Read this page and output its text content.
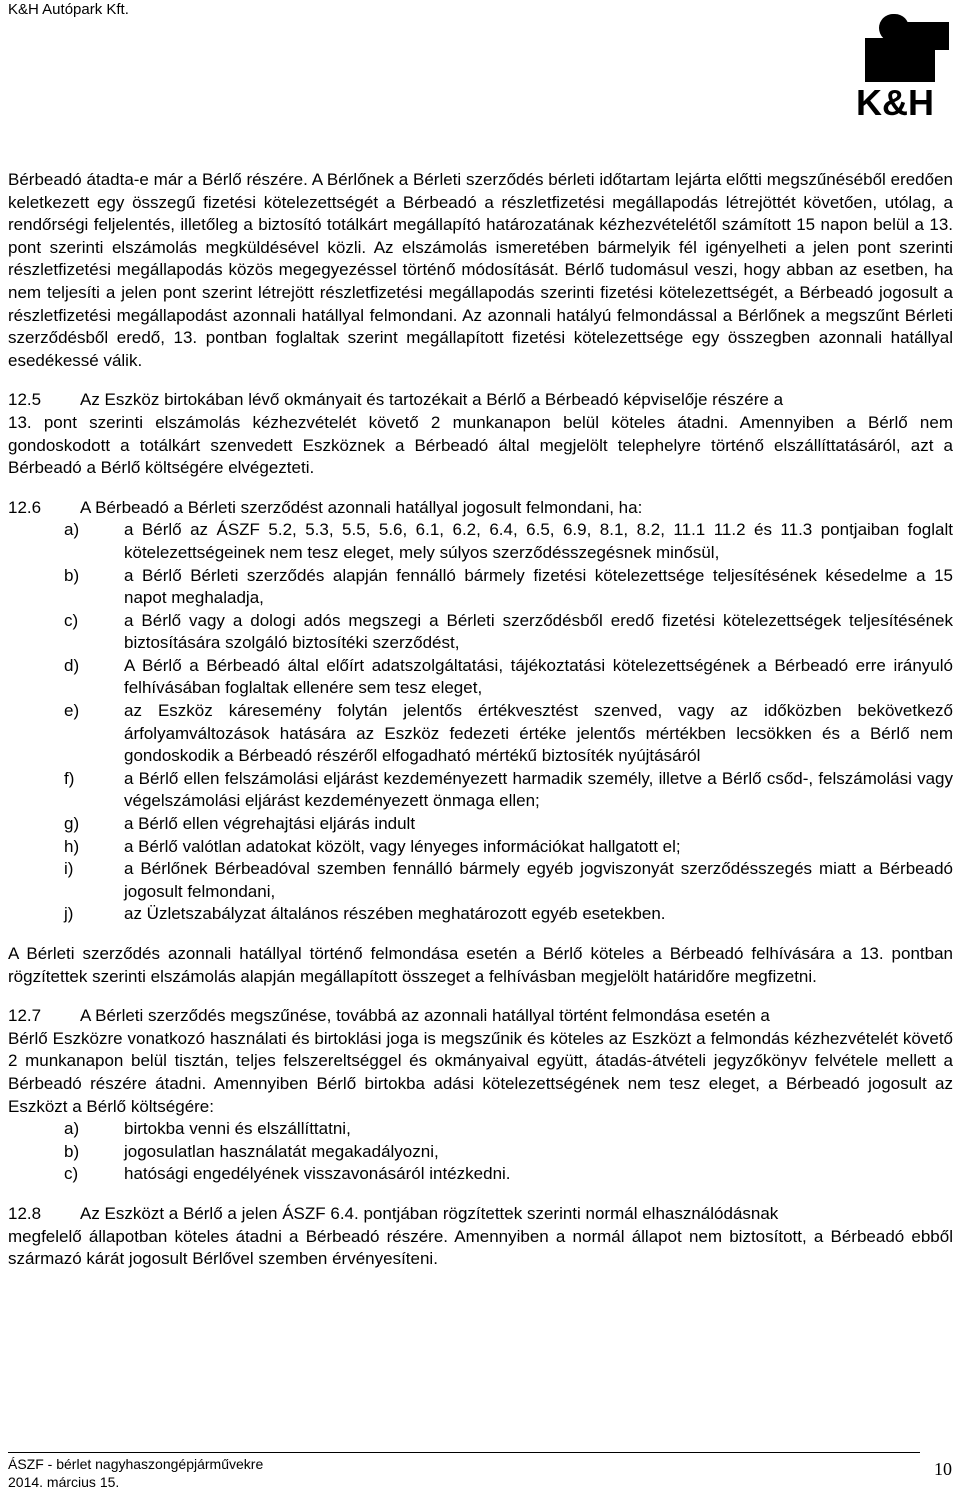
K&H Autópark Kft.
K&H
Bérbeadó átadta-e már a Bérlő részére. A Bérlőnek a Bérleti szerződés bérleti időtartam lejárta előtti megszűnéséből eredően keletkezett egy összegű fizetési kötelezettségét a Bérbeadó a részletfizetési megállapodás létrejöttét követően, utólag, a rendőrségi feljelentés, illetőleg a biztosító totálkárt megállapító határozatának kézhezvételétől számított 15 napon belül a 13. pont szerinti elszámolás megküldésével közli. Az elszámolás ismeretében bármelyik fél igényelheti a jelen pont szerinti részletfizetési megállapodás közös megegyezéssel történő módosítását. Bérlő tudomásul veszi, hogy abban az esetben, ha nem teljesíti a jelen pont szerint létrejött részletfizetési megállapodás szerinti fizetési kötelezettségét, a Bérbeadó jogosult a részletfizetési megállapodást azonnali hatállyal felmondani. Az azonnali hatályú felmondással a Bérlőnek a megszűnt Bérleti szerződésből eredő, 13. pontban foglaltak szerint megállapított fizetési kötelezettsége egy összegben azonnali hatállyal esedékessé válik.
12.5	Az Eszköz birtokában lévő okmányait és tartozékait a Bérlő a Bérbeadó képviselője részére a
13. pont szerinti elszámolás kézhezvételét követő 2 munkanapon belül köteles átadni. Amennyiben a Bérlő nem gondoskodott a totálkárt szenvedett Eszköznek a Bérbeadó által megjelölt telephelyre történő elszállíttatásáról, azt a Bérbeadó a Bérlő költségére elvégezteti.
12.6	A Bérbeadó a Bérleti szerződést azonnali hatállyal jogosult felmondani, ha:
a)	a Bérlő az ÁSZF 5.2, 5.3, 5.5, 5.6, 6.1, 6.2, 6.4, 6.5, 6.9, 8.1, 8.2, 11.1 11.2 és 11.3 pontjaiban foglalt kötelezettségeinek nem tesz eleget, mely súlyos szerződésszegésnek minősül,
b)	a Bérlő Bérleti szerződés alapján fennálló bármely fizetési kötelezettsége teljesítésének késedelme a 15 napot meghaladja,
c)	a Bérlő vagy a dologi adós megszegi a Bérleti szerződésből eredő fizetési kötelezettségek teljesítésének biztosítására szolgáló biztosítéki szerződést,
d)	A Bérlő a Bérbeadó által előírt adatszolgáltatási, tájékoztatási kötelezettségének a Bérbeadó erre irányuló felhívásában foglaltak ellenére sem tesz eleget,
e)	az Eszköz káresemény folytán jelentős értékvesztést szenved, vagy az időközben bekövetkező árfolyamváltozások hatására az Eszköz fedezeti értéke jelentős mértékben lecsökken és a Bérlő nem gondoskodik a Bérbeadó részéről elfogadható mértékű biztosíték nyújtásáról
f)	a Bérlő ellen felszámolási eljárást kezdeményezett harmadik személy, illetve a Bérlő csőd-, felszámolási vagy végelszámolási eljárást kezdeményezett önmaga ellen;
g)	a Bérlő ellen végrehajtási eljárás indult
h)	a Bérlő valótlan adatokat közölt, vagy lényeges információkat hallgatott el;
i)	a Bérlőnek Bérbeadóval szemben fennálló bármely egyéb jogviszonyát szerződésszegés miatt a Bérbeadó jogosult felmondani,
j)	az Üzletszabályzat általános részében meghatározott egyéb esetekben.
A Bérleti szerződés azonnali hatállyal történő felmondása esetén a Bérlő köteles a Bérbeadó felhívására a 13. pontban rögzítettek szerinti elszámolás alapján megállapított összeget a felhívásban megjelölt határidőre megfizetni.
12.7	A Bérleti szerződés megszűnése, továbbá az azonnali hatállyal történt felmondása esetén a
Bérlő Eszközre vonatkozó használati és birtoklási joga is megszűnik és köteles az Eszközt a felmondás kézhezvételét követő 2 munkanapon belül tisztán, teljes felszereltséggel és okmányaival együtt, átadás-átvételi jegyzőkönyv felvétele mellett a Bérbeadó részére átadni. Amennyiben Bérlő birtokba adási kötelezettségének nem tesz eleget, a Bérbeadó jogosult az Eszközt a Bérlő költségére:
a)	birtokba venni és elszállíttatni,
b)	jogosulatlan használatát megakadályozni,
c)	hatósági engedélyének visszavonásáról intézkedni.
12.8	Az Eszközt a Bérlő a jelen ÁSZF 6.4. pontjában rögzítettek szerinti normál elhasználódásnak
megfelelő állapotban köteles átadni a Bérbeadó részére. Amennyiben a normál állapot nem biztosított, a Bérbeadó ebből származó kárát jogosult Bérlővel szemben érvényesíteni.
ÁSZF - bérlet nagyhaszongépjárművekre
2014. március 15.
10
